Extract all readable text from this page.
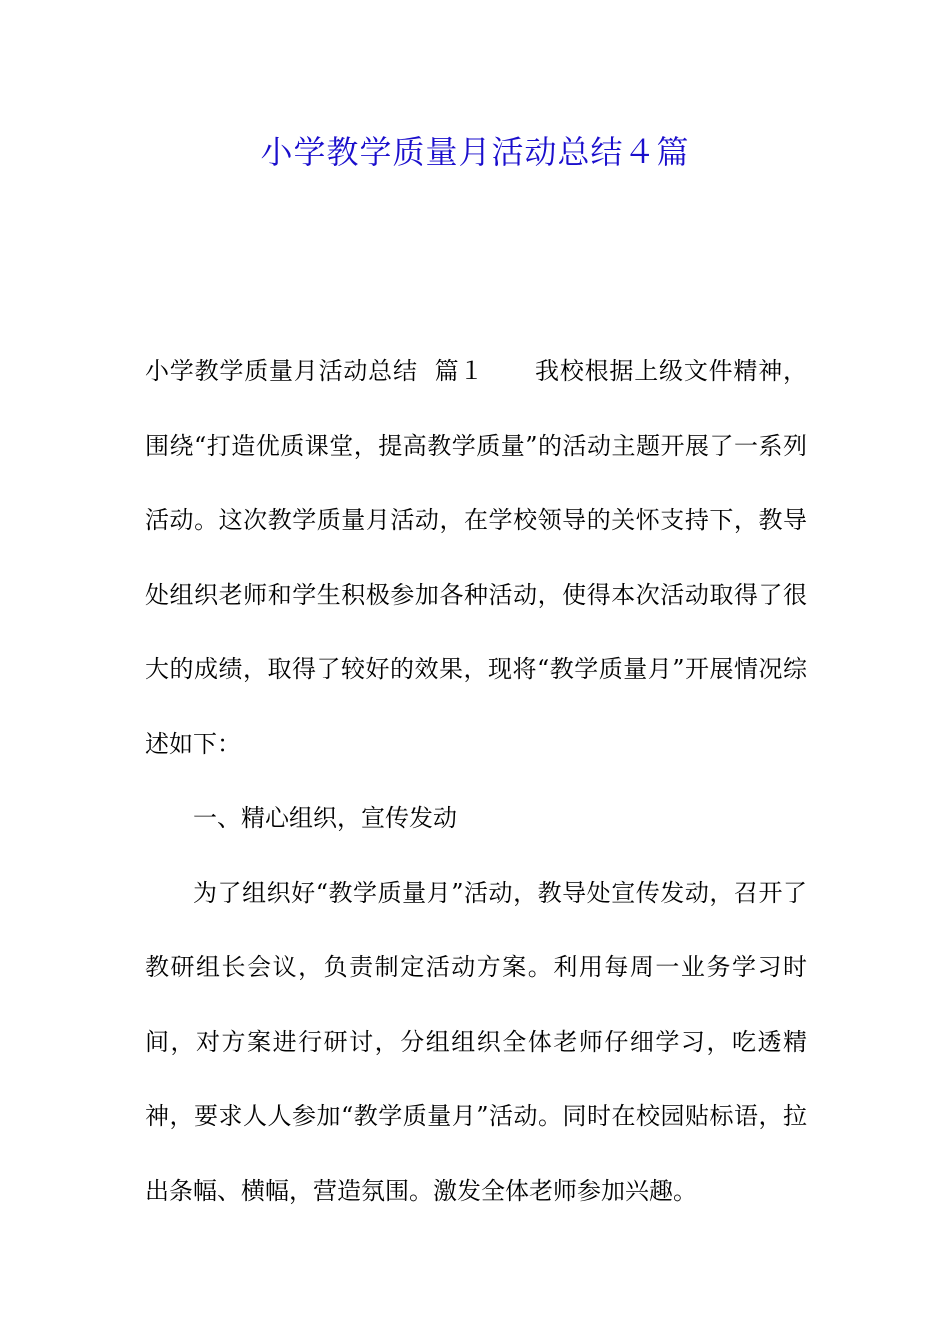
小学教学质量月活动总结４篇

小学教学质量月活动总结  篇１ 我校根据上级文件精神，围绕“打造优质课堂，提高教学质量”的活动主题开展了一系列活动。这次教学质量月活动，在学校领导的关怀支持下，教导处组织老师和学生积极参加各种活动，使得本次活动取得了很大的成绩，取得了较好的效果，现将“教学质量月”开展情况综述如下：

一、精心组织，宣传发动

为了组织好“教学质量月”活动，教导处宣传发动，召开了教研组长会议，负责制定活动方案。利用每周一业务学习时间，对方案进行研讨，分组组织全体老师仔细学习，吃透精神，要求人人参加“教学质量月”活动。同时在校园贴标语，拉出条幅、横幅，营造氛围。激发全体老师参加兴趣。
